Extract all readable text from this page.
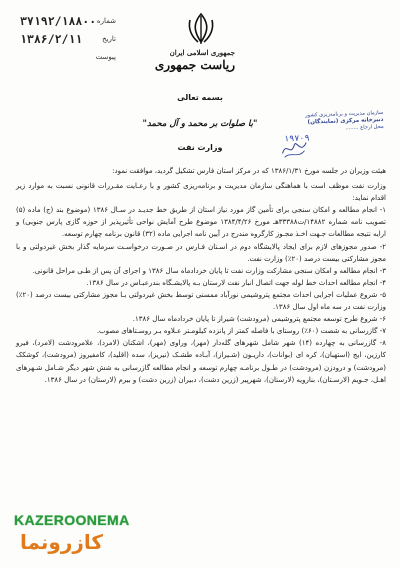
جمهوری اسلامی ایران
ریاست جمهوری
۳۷۱۹۲/۱۸۸۰۰ شماره
۱۳۸۶/۲/۱۱	تاریخ
پیوست
بسمه تعالی
"با صلوات بر محمد و آل محمد"
وزارت نفت
سازمان مدیریت و برنامه‌ریزی کشور
دبیرخانه مرکزی (نمایندگان)
محل ارجاع ........
۱۹۷۰۹

هیئت وزیران در جلسه مورخ ۱۳۸۶/۱/۳۱ که در مرکز استان فارس تشکیل گردید، موافقت نمود:

وزارت نفت موظف است با هماهنگی سازمان مدیریت و برنامه‌ریزی کشور و با رعـایت مقـررات قانونی نسبت به موارد زیر اقدام نماید:

۱- انجام مطالعه و امکان سنجی برای تأمین گاز مورد نیاز استان از طریق خط جدیـد در سـال ۱۳۸۶ (موضوع بند (ج) ماده (۵) تصویب نامه شماره ۱۴۸۸۲/ت۳۳۳۸۸هـ مورخ ۱۳۸۴/۴/۲۶ موضوع طرح آمایش نواحی تأثیرپذیر از حوزه گازی پارس جنوبی) و ارایه نتیجه مطالعات جـهت اخـذ مجـوز کارگروه مندرج در آیین نامه اجرایی ماده (۳۲) قانون برنامه چهارم توسعه.

۲- صدور مجوزهای لازم برای ایجاد پالایشگاه دوم در اسـتان فـارس در صـورت درخواسـت سرمایه گذار بخش غیردولتی و با مجوز مشارکتی بیست درصد (۲۰٪) وزارت نفت.

۳- انجام مطالعه و امکان سنجی مشارکت وزارت نفت تا پایان خردادماه سال ۱۳۸۶ و اجرای آن پس از طـی مراحل قانونی.

۴- انجام مطالعه احداث خط لوله جهت اتصال انبار نفت لارستان بـه پالایشـگاه بندرعبـاس در سال ۱۳۸۶.

۵- شروع عملیات اجرایی احداث مجتمع پتروشیمی نورآباد ممسنی توسط بخش غیردولتی بـا مجوز مشارکتی بیست درصد (۲۰٪) وزارت نفت در سه ماه اول سال ۱۳۸۶.

۶- شروع طرح توسعه مجتمع پتروشیمی (مرودشت) شیراز تا پایان خردادماه سال ۱۳۸۶.

۷- گازرسانی به شصت (۶۰٪) روستای با فاصله کمتر از پانزده کیلومـتر عـلاوه بـر روسـتاهای مصوب.

۸- گازرسانی به چهارده (۱۴) شهر شامل شهرهای گله‌دار (مهر)، وراوی (مهر)، اشکنان (لامرد)، علامرودشت (لامرد)، فیرو کارزین، ایج (استهبان)، کره ای (بوانات)، داریـون (شـیراز)، آبـاده طشـک (نیریز)، سده (اقلید)، کامفیروز (مرودشت)، کوشکک (مرودشت) و درودزن (مرودشت) در طـول برنامـه چهارم توسعه و انجام مطالعه گازرسانی به شش شهر دیگر شـامل شـهرهای اهـل، جـویم (لارسـتان)، بنارویه (لارستان)، شهرپیر (زرین دشت)، دبیران (زرین دشت) و بیرم (لارستان) در سال ۱۳۸۶.

KAZEROONEMA
کازرونما
